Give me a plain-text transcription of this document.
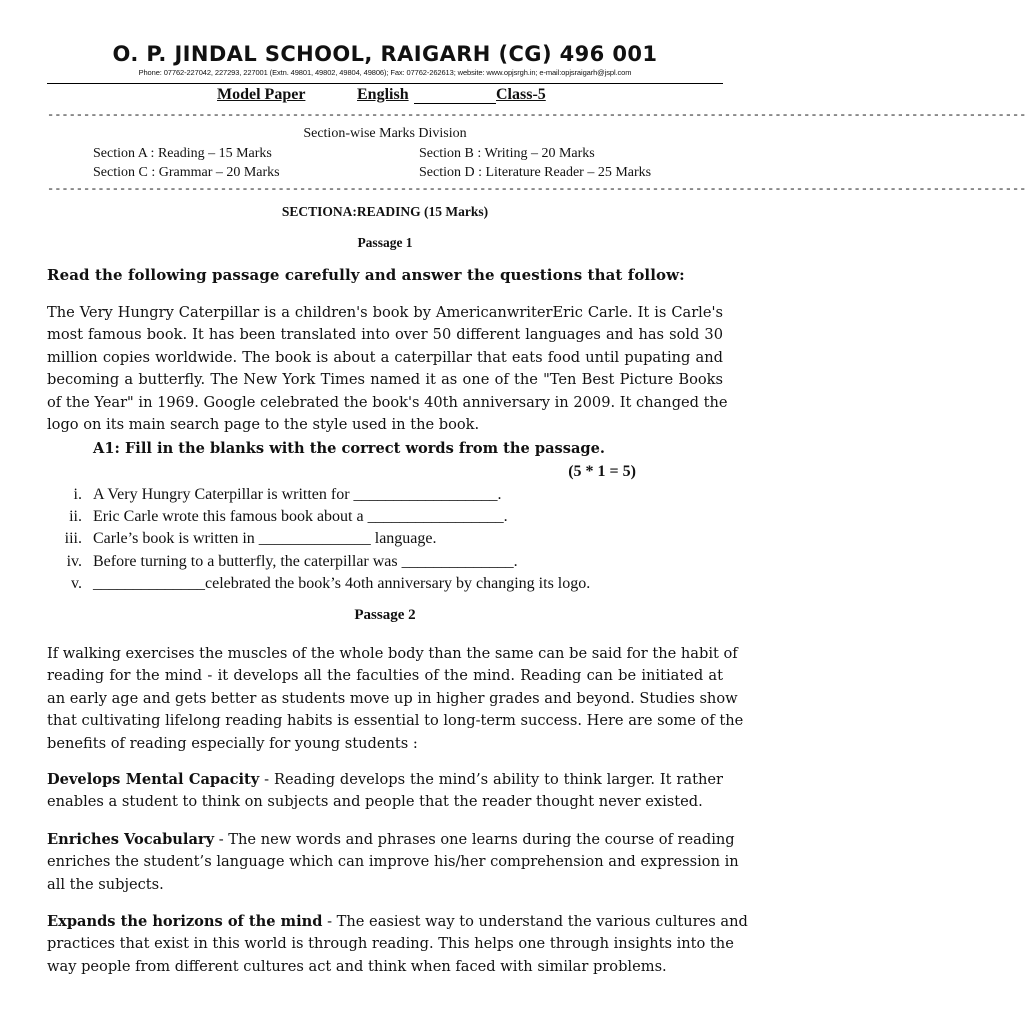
O. P. JINDAL SCHOOL, RAIGARH (CG) 496 001
Phone: 07762-227042, 227293, 227001 (Extn. 49801, 49802, 49804, 49806); Fax: 07762-262613; website: www.opjsrgh.in; e-mail:opjsraigarh@jspl.com
Model Paper	English	Class-5
----------------------------------------------------------------------------------------------------------------------------------------
Section-wise Marks Division
Section A : Reading – 15 Marks	Section B : Writing – 20 Marks
Section C : Grammar – 20 Marks	Section D : Literature Reader – 25 Marks
----------------------------------------------------------------------------------------------------------------------------------------
SECTIONA:READING (15 Marks)
Passage 1
Read the following passage carefully and answer the questions that follow:
The Very Hungry Caterpillar is a children's book by AmericanwriterEric Carle. It is Carle's
most famous book. It has been translated into over 50 different languages and has sold 30
million copies worldwide. The book is about a caterpillar that eats food until pupating and
becoming a butterfly. The New York Times named it as one of the "Ten Best Picture Books
of the Year" in 1969. Google celebrated the book's 40th anniversary in 2009. It changed the
logo on its main search page to the style used in the book.
A1: Fill in the blanks with the correct words from the passage.
(5 * 1 = 5)
i. A Very Hungry Caterpillar is written for __________________.
ii. Eric Carle wrote this famous book about a _________________.
iii. Carle’s book is written in ______________ language.
iv. Before turning to a butterfly, the caterpillar was ______________.
v. ______________celebrated the book’s 4oth anniversary by changing its logo.
Passage 2
If walking exercises the muscles of the whole body than the same can be said for the habit of
reading for the mind - it develops all the faculties of the mind. Reading can be initiated at
an early age and gets better as students move up in higher grades and beyond. Studies show
that cultivating lifelong reading habits is essential to long-term success. Here are some of the
benefits of reading especially for young students :
Develops Mental Capacity - Reading develops the mind’s ability to think larger. It rather
enables a student to think on subjects and people that the reader thought never existed.
Enriches Vocabulary - The new words and phrases one learns during the course of reading
enriches the student’s language which can improve his/her comprehension and expression in
all the subjects.
Expands the horizons of the mind - The easiest way to understand the various cultures and
practices that exist in this world is through reading. This helps one through insights into the
way people from different cultures act and think when faced with similar problems.
